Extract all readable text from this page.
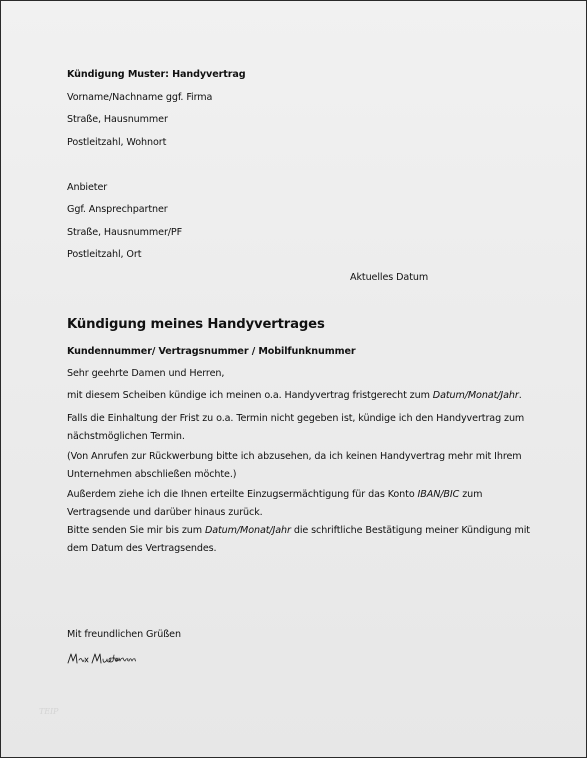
Kündigung Muster: Handyvertrag
Vorname/Nachname ggf. Firma
Straße, Hausnummer
Postleitzahl, Wohnort
Anbieter
Ggf. Ansprechpartner
Straße, Hausnummer/PF
Postleitzahl, Ort
Aktuelles Datum
Kündigung meines Handyvertrages
Kundennummer/ Vertragsnummer / Mobilfunknummer
Sehr geehrte Damen und Herren,
mit diesem Scheiben kündige ich meinen o.a. Handyvertrag fristgerecht zum Datum/Monat/Jahr.
Falls die Einhaltung der Frist zu o.a. Termin nicht gegeben ist, kündige ich den Handyvertrag zum
nächstmöglichen Termin.
(Von Anrufen zur Rückwerbung bitte ich abzusehen, da ich keinen Handyvertrag mehr mit Ihrem
Unternehmen abschließen möchte.)
Außerdem ziehe ich die Ihnen erteilte Einzugsermächtigung für das Konto IBAN/BIC zum
Vertragsende und darüber hinaus zurück.
Bitte senden Sie mir bis zum Datum/Monat/Jahr die schriftliche Bestätigung meiner Kündigung mit
dem Datum des Vertragsendes.
Mit freundlichen Grüßen
TEIP
